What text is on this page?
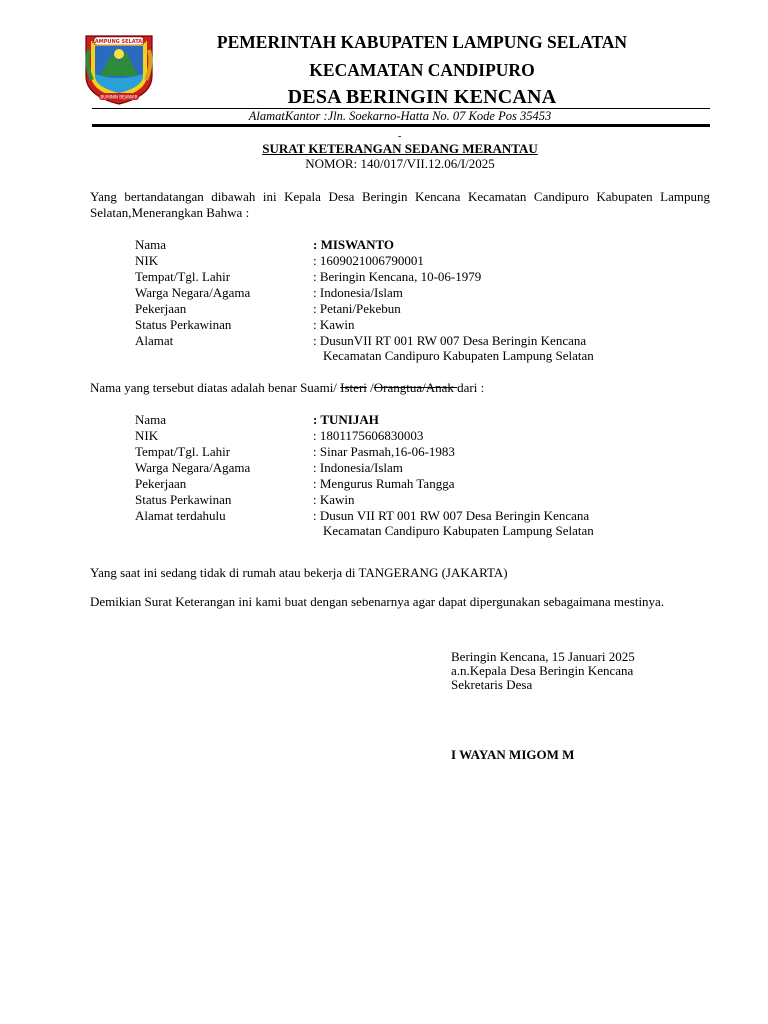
LAMPUNG SELATAN
BUMININ BEJAWAR
PEMERINTAH KABUPATEN LAMPUNG SELATAN
KECAMATAN CANDIPURO
DESA BERINGIN KENCANA
AlamatKantor :Jln. Soekarno-Hatta No. 07 Kode Pos 35453
-
SURAT KETERANGAN SEDANG MERANTAU
NOMOR: 140/017/VII.12.06/I/2025
Yang bertandatangan dibawah ini Kepala Desa Beringin Kencana Kecamatan Candipuro Kabupaten Lampung Selatan,Menerangkan Bahwa :
Nama	: MISWANTO
NIK	: 1609021006790001
Tempat/Tgl. Lahir	: Beringin Kencana, 10-06-1979
Warga Negara/Agama	: Indonesia/Islam
Pekerjaan	: Petani/Pekebun
Status Perkawinan	: Kawin
Alamat	: DusunVII RT 001 RW 007 Desa Beringin Kencana
Kecamatan Candipuro Kabupaten Lampung Selatan
Nama yang tersebut diatas adalah benar Suami/ Isteri /Orangtua/Anak dari :
Nama	: TUNIJAH
NIK	: 1801175606830003
Tempat/Tgl. Lahir	: Sinar Pasmah,16-06-1983
Warga Negara/Agama	: Indonesia/Islam
Pekerjaan	: Mengurus Rumah Tangga
Status Perkawinan	: Kawin
Alamat terdahulu	: Dusun VII RT 001 RW 007 Desa Beringin Kencana
Kecamatan Candipuro Kabupaten Lampung Selatan
Yang saat ini sedang tidak di rumah atau bekerja di TANGERANG (JAKARTA)
Demikian Surat Keterangan ini kami buat dengan sebenarnya agar dapat dipergunakan sebagaimana mestinya.
Beringin Kencana, 15 Januari 2025
a.n.Kepala Desa Beringin Kencana
Sekretaris Desa
I WAYAN MIGOM M
